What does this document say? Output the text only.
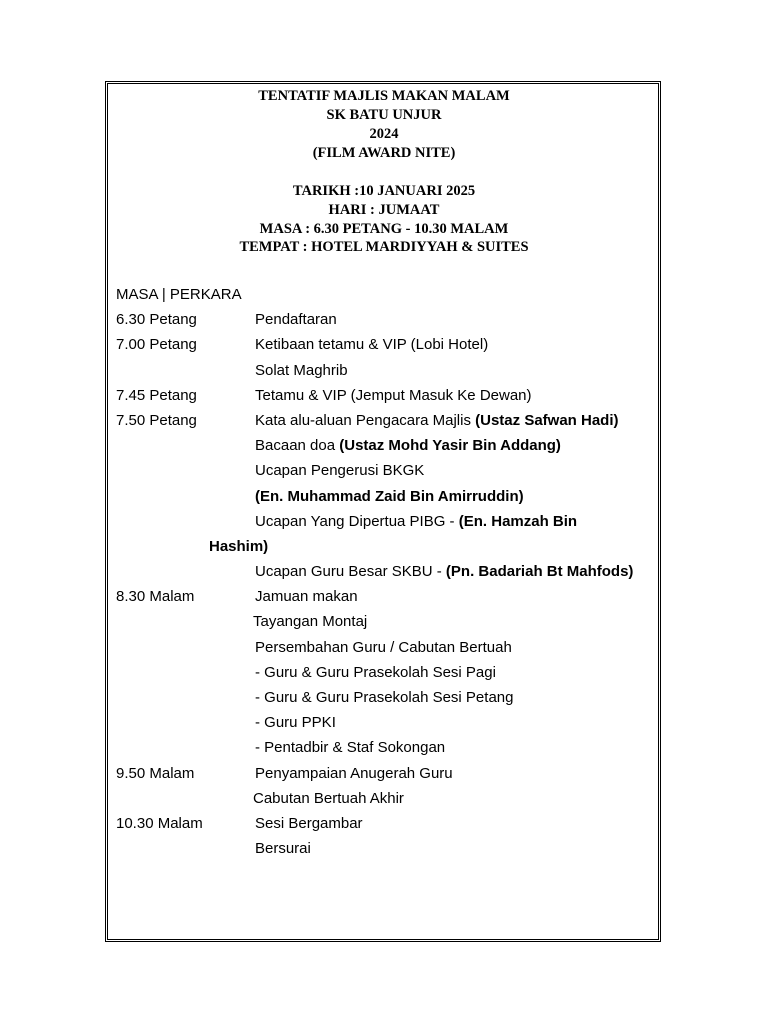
TENTATIF MAJLIS MAKAN MALAM
SK BATU UNJUR
2024
(FILM AWARD NITE)
TARIKH :10 JANUARI 2025
HARI : JUMAAT
MASA : 6.30 PETANG - 10.30 MALAM
TEMPAT : HOTEL MARDIYYAH & SUITES
MASA | PERKARA
6.30 Petang	Pendaftaran
7.00 Petang	Ketibaan tetamu & VIP (Lobi Hotel)
Solat Maghrib
7.45 Petang	Tetamu & VIP (Jemput Masuk Ke Dewan)
7.50 Petang	Kata alu-aluan Pengacara Majlis (Ustaz Safwan Hadi)
Bacaan doa (Ustaz Mohd Yasir Bin Addang)
Ucapan Pengerusi BKGK
(En. Muhammad Zaid Bin Amirruddin)
Ucapan Yang Dipertua PIBG - (En. Hamzah Bin
Hashim)
Ucapan Guru Besar SKBU - (Pn. Badariah Bt Mahfods)
8.30 Malam	Jamuan makan
Tayangan Montaj
Persembahan Guru / Cabutan Bertuah
- Guru & Guru Prasekolah Sesi Pagi
- Guru & Guru Prasekolah Sesi Petang
- Guru PPKI
- Pentadbir & Staf Sokongan
9.50 Malam	Penyampaian Anugerah Guru
Cabutan Bertuah Akhir
10.30 Malam	Sesi Bergambar
Bersurai
